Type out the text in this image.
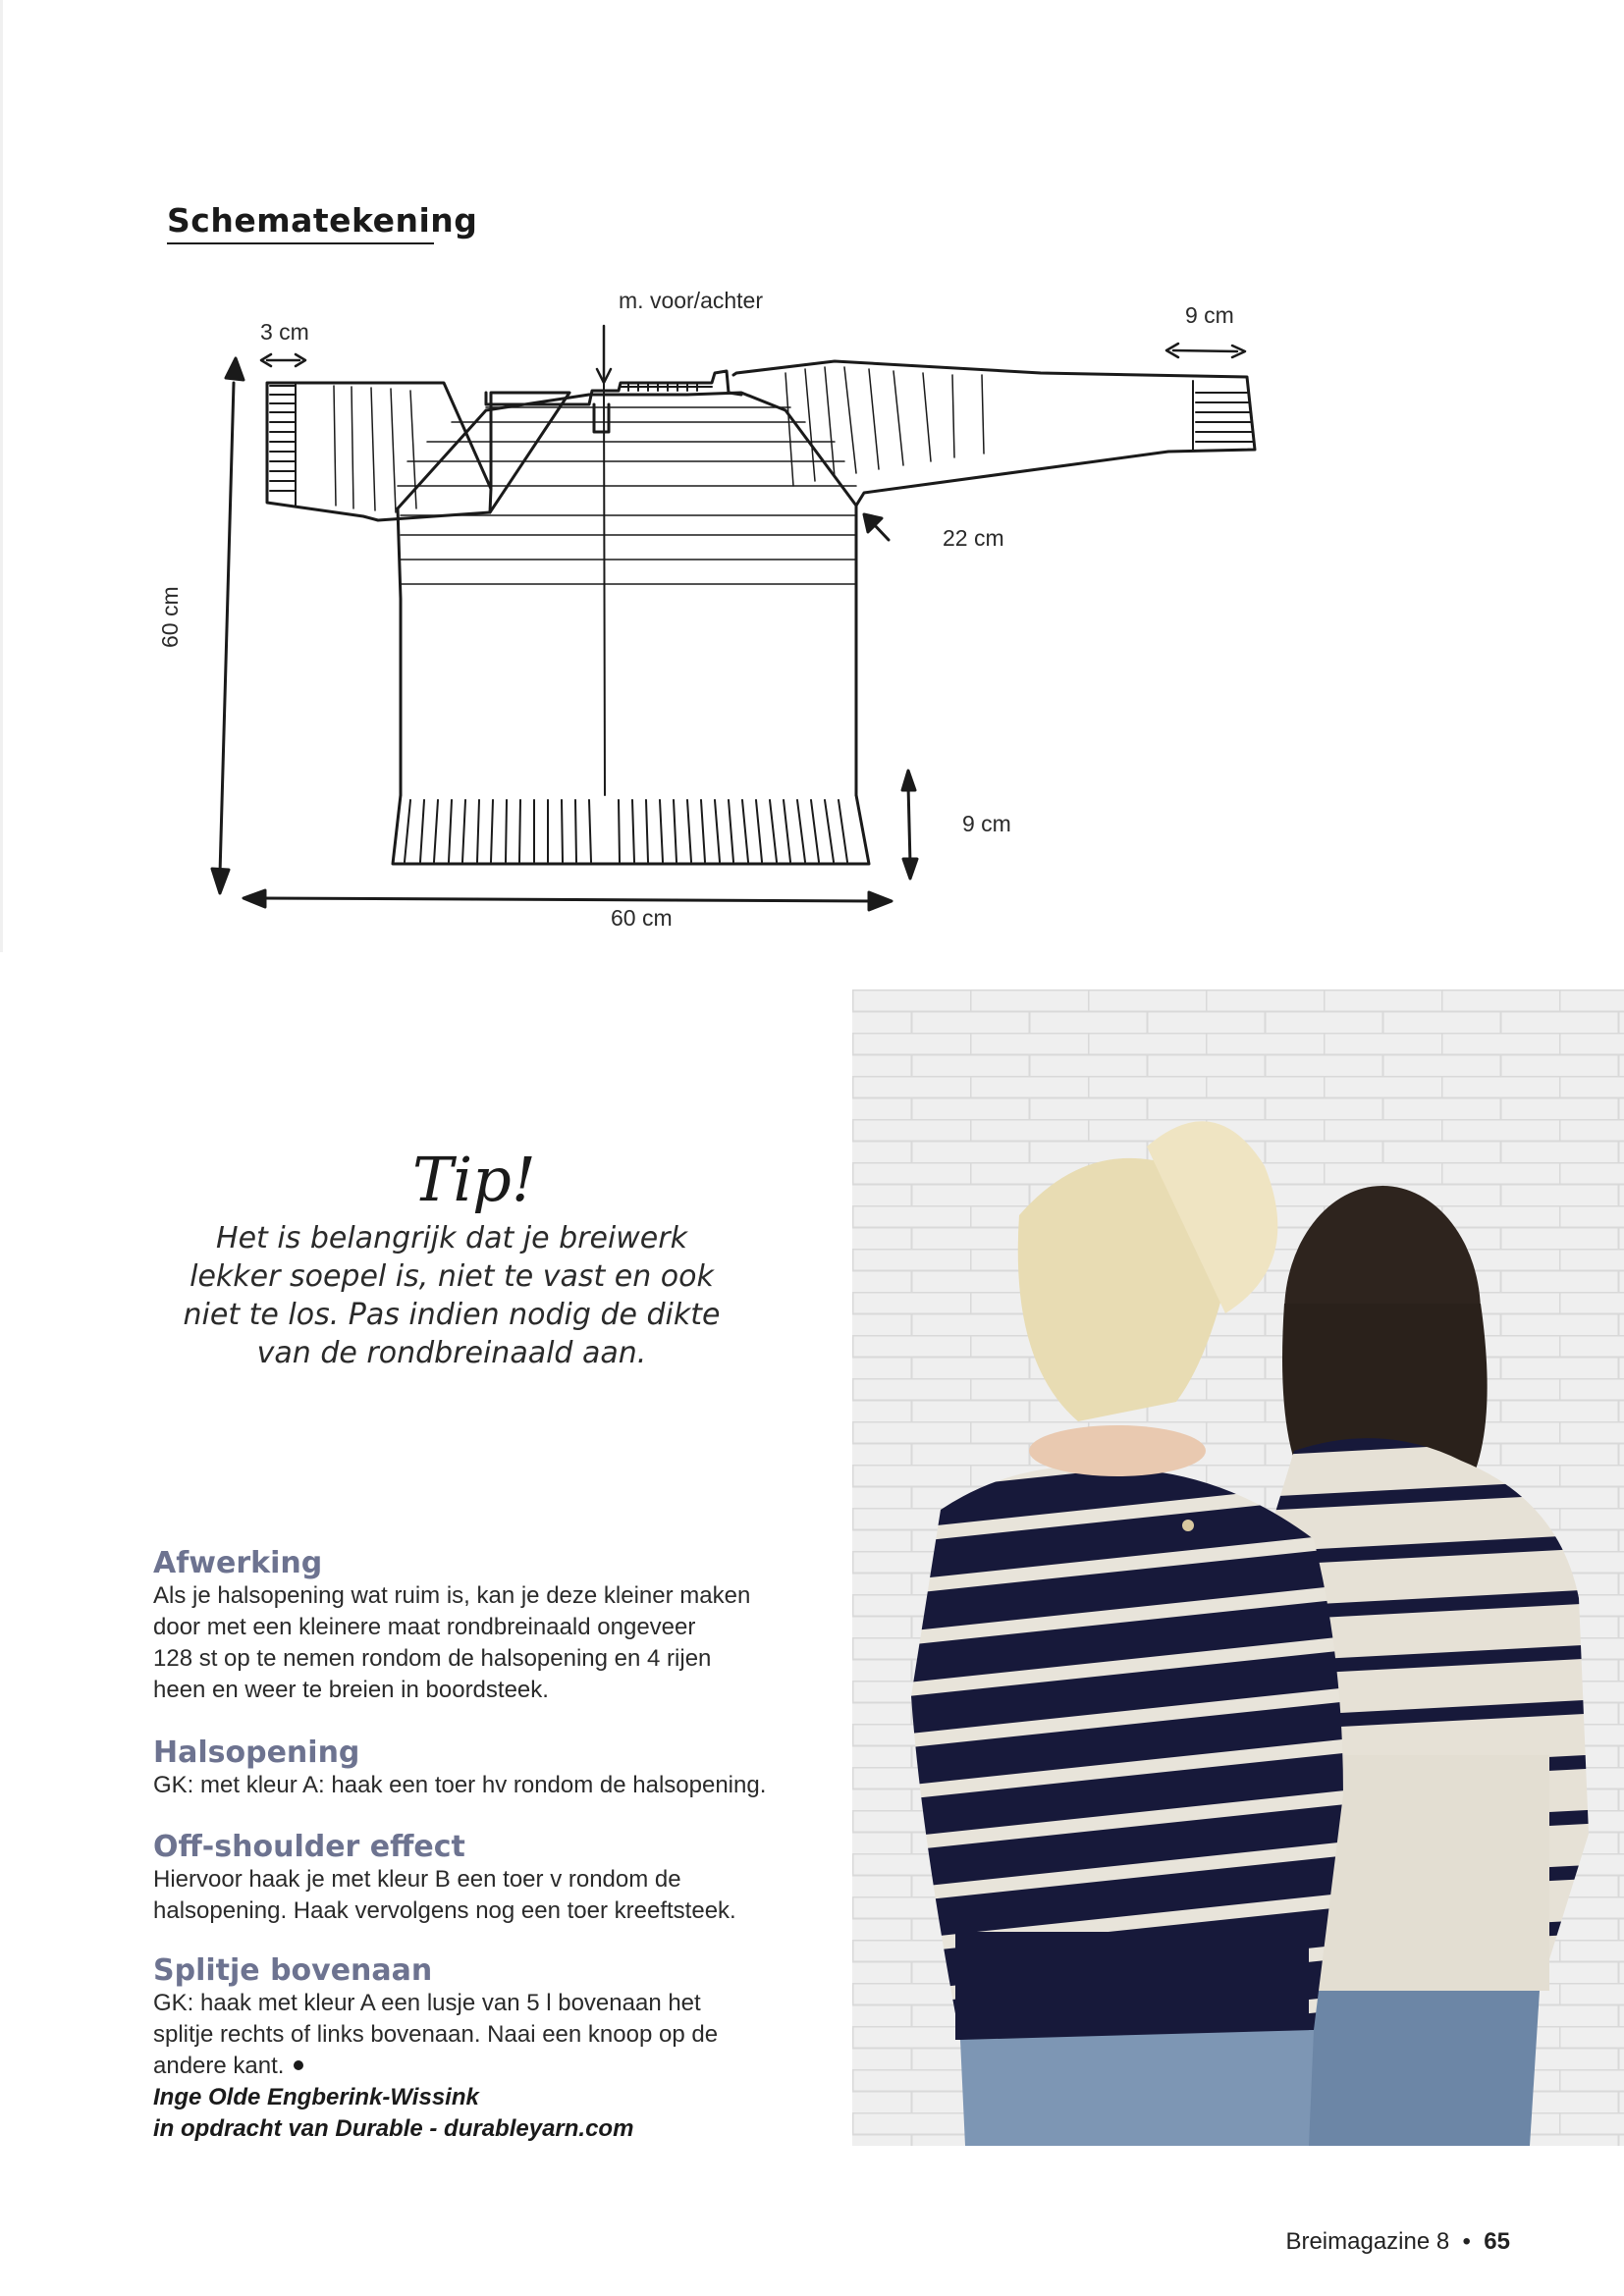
Schematekening
3 cm
m. voor/achter
9 cm
22 cm
60 cm
9 cm
60 cm
Tip!
Het is belangrijk dat je breiwerk lekker soepel is, niet te vast en ook niet te los. Pas indien nodig de dikte van de rondbreinaald aan.
Afwerking
Als je halsopening wat ruim is, kan je deze kleiner maken
door met een kleinere maat rondbreinaald ongeveer
128 st op te nemen rondom de halsopening en 4 rijen
heen en weer te breien in boordsteek.
Halsopening
GK: met kleur A: haak een toer hv rondom de halsopening.
Off-shoulder effect
Hiervoor haak je met kleur B een toer v rondom de
halsopening. Haak vervolgens nog een toer kreeftsteek.
Splitje bovenaan
GK: haak met kleur A een lusje van 5 l bovenaan het
splitje rechts of links bovenaan. Naai een knoop op de
andere kant.
Inge Olde Engberink-Wissink
in opdracht van Durable - durableyarn.com
Breimagazine 8  •  65
